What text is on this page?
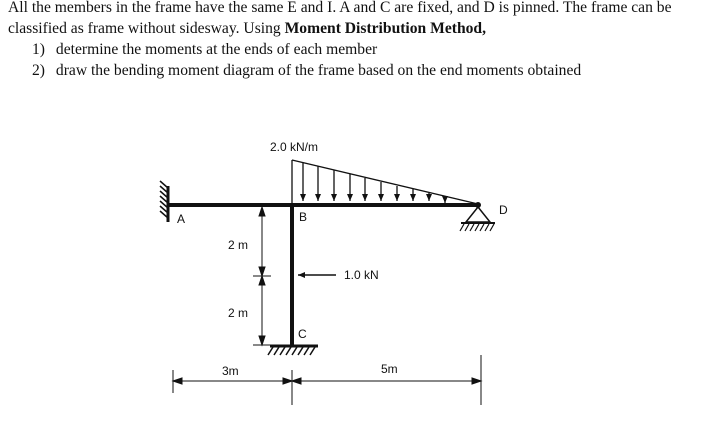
All the members in the frame have the same E and I. A and C are fixed, and D is pinned. The frame can be classified as frame without sidesway. Using Moment Distribution Method,

1) determine the moments at the ends of each member
2) draw the bending moment diagram of the frame based on the end moments obtained
2.0 kN/m
1.0 kN
A	B
C
D
2 m
2 m
3m	5m
